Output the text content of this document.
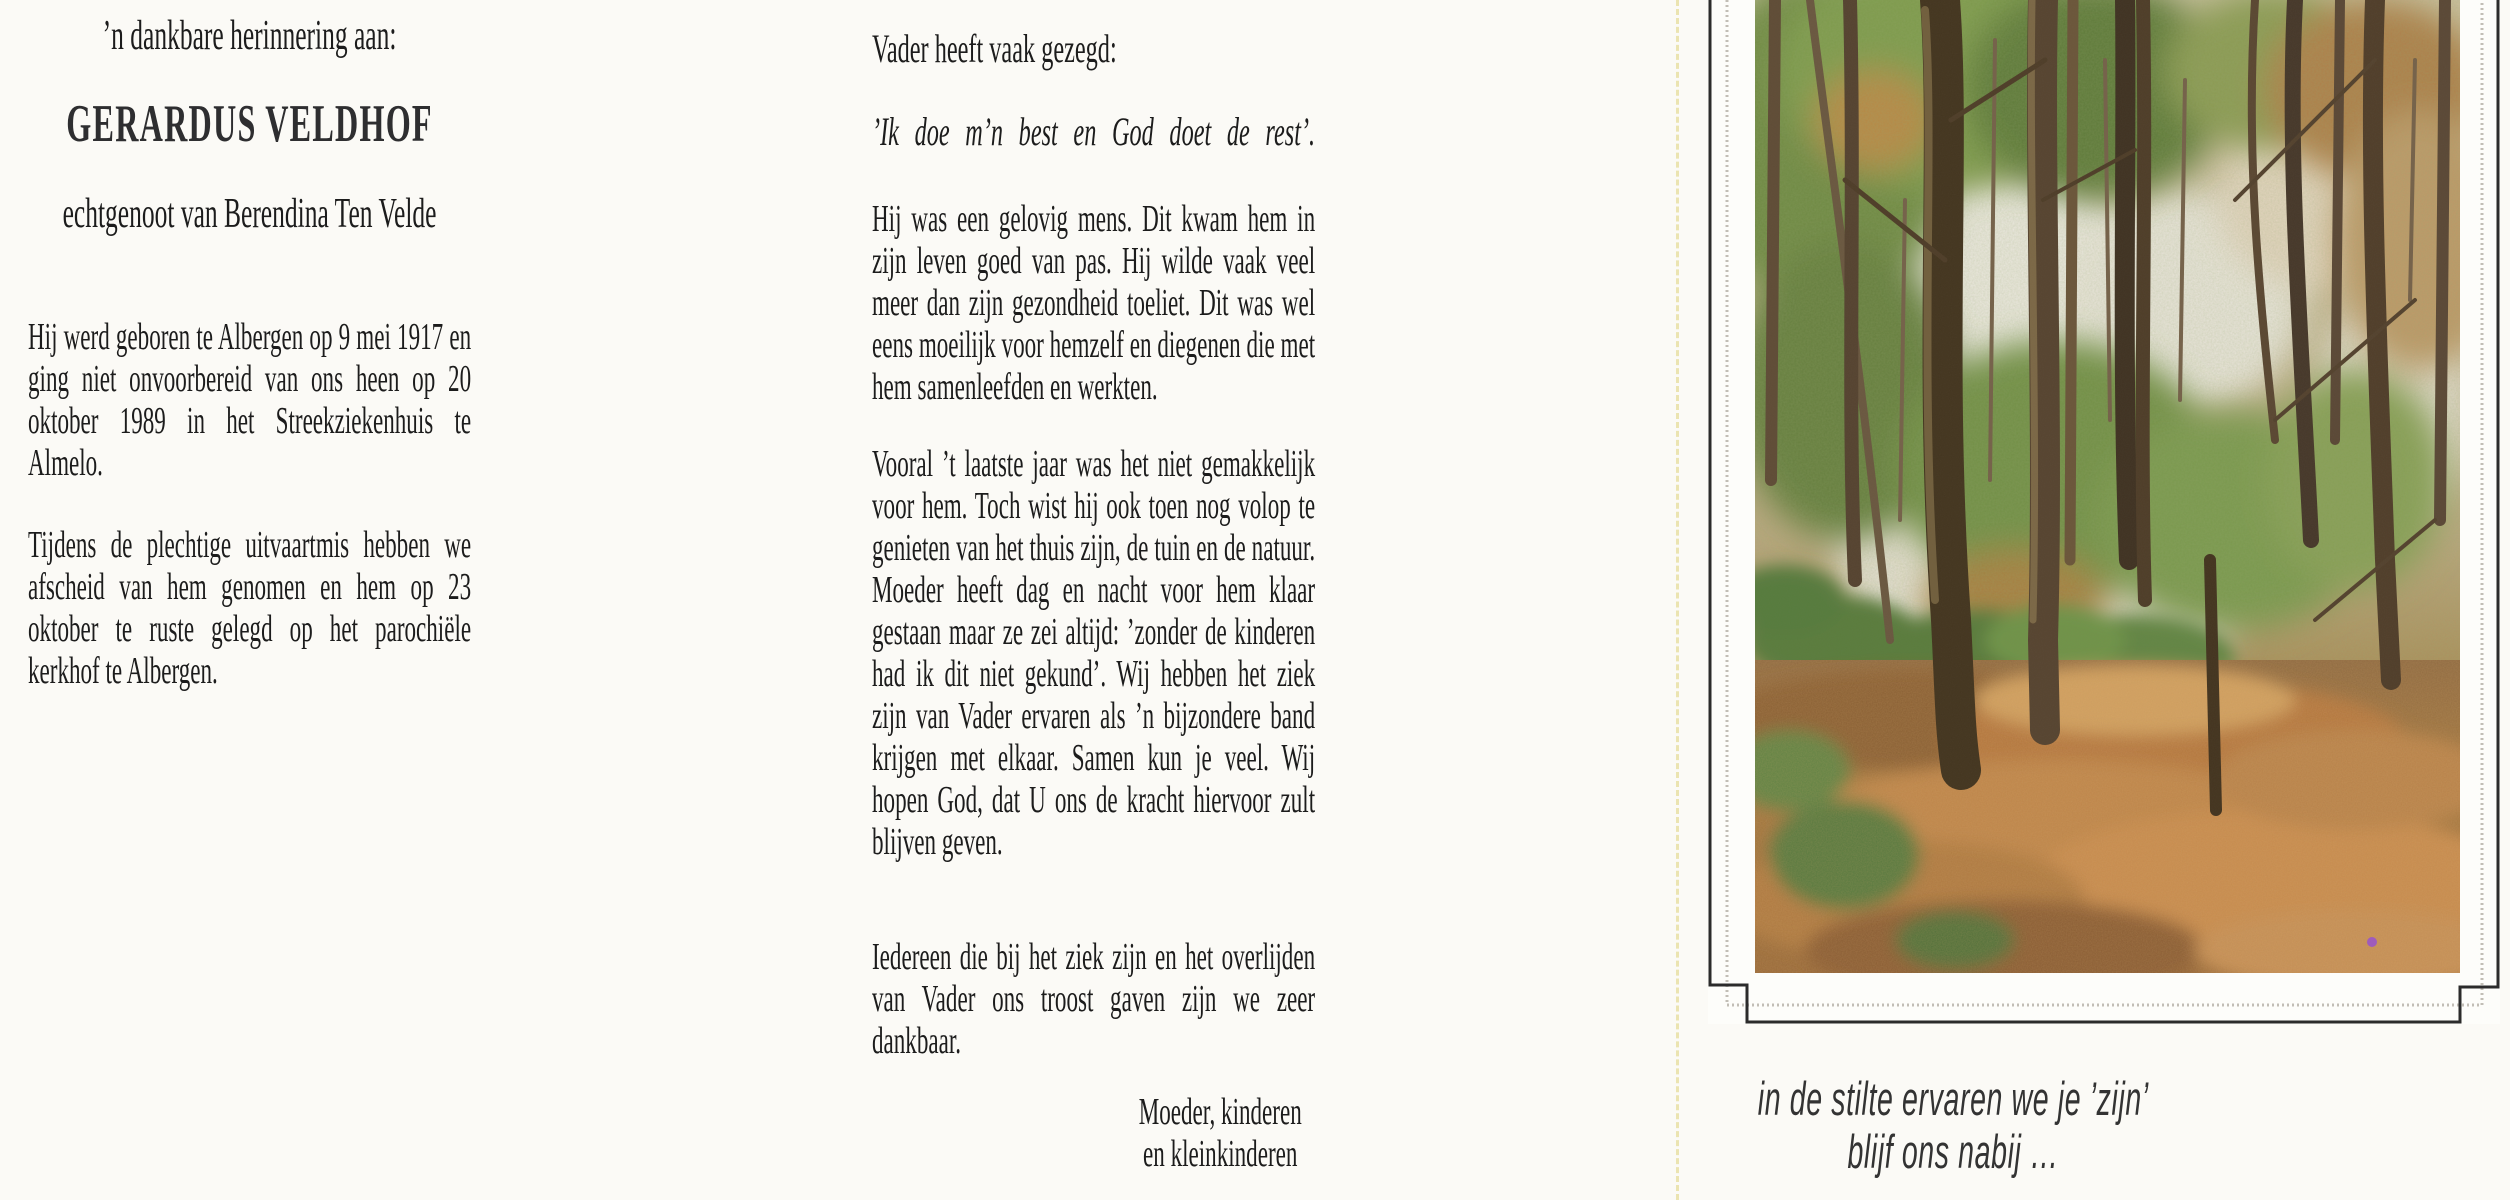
’n dankbare herinnering aan:
GERARDUS VELDHOF
echtgenoot van Berendina Ten Velde
Hij werd geboren te Albergen op 9 mei 1917 en ging niet onvoorbereid van ons heen op 20 oktober 1989 in het Streekziekenhuis te Almelo.
Tijdens de plechtige uitvaartmis hebben we afscheid van hem genomen en hem op 23 oktober te ruste gelegd op het parochiële kerkhof te Albergen.
Vader heeft vaak gezegd:
’Ik doe m’n best en God doet de rest’.
Hij was een gelovig mens. Dit kwam hem in zijn leven goed van pas. Hij wilde vaak veel meer dan zijn gezondheid toeliet. Dit was wel eens moeilijk voor hemzelf en diegenen die met hem samenleefden en werkten.
Vooral ’t laatste jaar was het niet gemakkelijk voor hem. Toch wist hij ook toen nog volop te genieten van het thuis zijn, de tuin en de natuur. Moeder heeft dag en nacht voor hem klaar gestaan maar ze zei altijd: ’zonder de kinderen had ik dit niet gekund’. Wij hebben het ziek zijn van Vader ervaren als ’n bijzondere band krijgen met elkaar. Samen kun je veel. Wij hopen God, dat U ons de kracht hiervoor zult blijven geven.
Iedereen die bij het ziek zijn en het overlijden van Vader ons troost gaven zijn we zeer dankbaar.
Moeder, kinderen
en kleinkinderen
in de stilte ervaren we je ’zijn’
blijf ons nabij …
